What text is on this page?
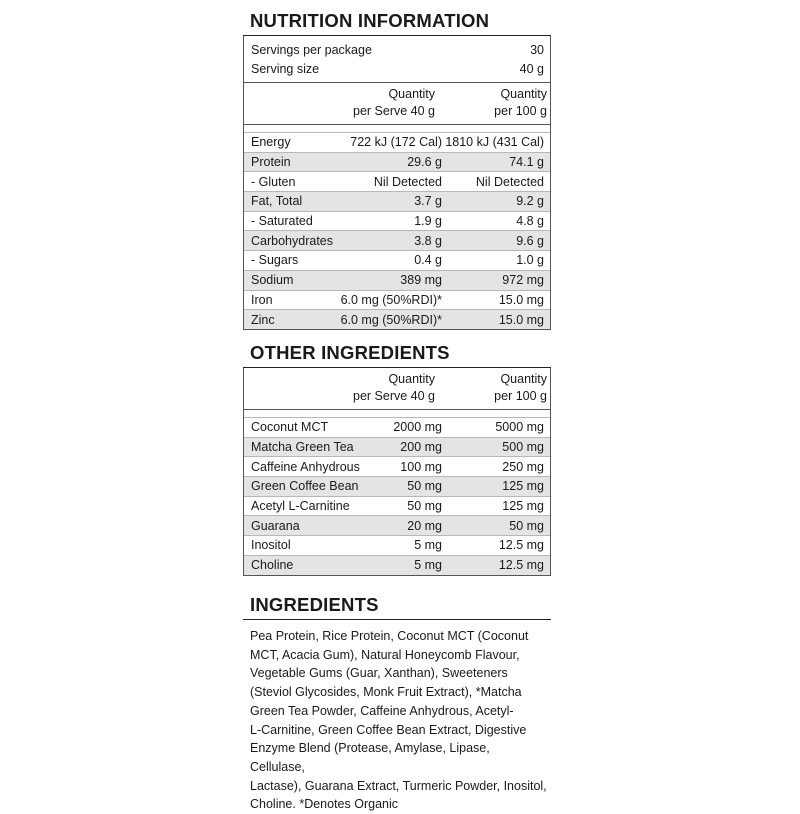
NUTRITION INFORMATION
Servings per package	30
Serving size	40 g
Quantity
per Serve 40 g
Quantity
per 100 g
Energy	722 kJ (172 Cal) 1810 kJ (431 Cal)
Protein	29.6 g	74.1 g
- Gluten	Nil Detected	Nil Detected
Fat, Total	3.7 g	9.2 g
- Saturated	1.9 g	4.8 g
Carbohydrates	3.8 g	9.6 g
- Sugars	0.4 g	1.0 g
Sodium	389 mg	972 mg
Iron	6.0 mg (50%RDI)*	15.0 mg
Zinc	6.0 mg (50%RDI)*	15.0 mg
OTHER INGREDIENTS
Quantity
per Serve 40 g
Quantity
per 100 g
Coconut MCT	2000 mg	5000 mg
Matcha Green Tea	200 mg	500 mg
Caffeine Anhydrous	100 mg	250 mg
Green Coffee Bean	50 mg	125 mg
Acetyl L-Carnitine	50 mg	125 mg
Guarana	20 mg	50 mg
Inositol	5 mg	12.5 mg
Choline	5 mg	12.5 mg
INGREDIENTS
Pea Protein, Rice Protein, Coconut MCT (Coconut
MCT, Acacia Gum), Natural Honeycomb Flavour,
Vegetable Gums (Guar, Xanthan), Sweeteners
(Steviol Glycosides, Monk Fruit Extract), *Matcha
Green Tea Powder, Caffeine Anhydrous, Acetyl-
L-Carnitine, Green Coffee Bean Extract, Digestive
Enzyme Blend (Protease, Amylase, Lipase, Cellulase,
Lactase), Guarana Extract, Turmeric Powder, Inositol,
Choline. *Denotes Organic
